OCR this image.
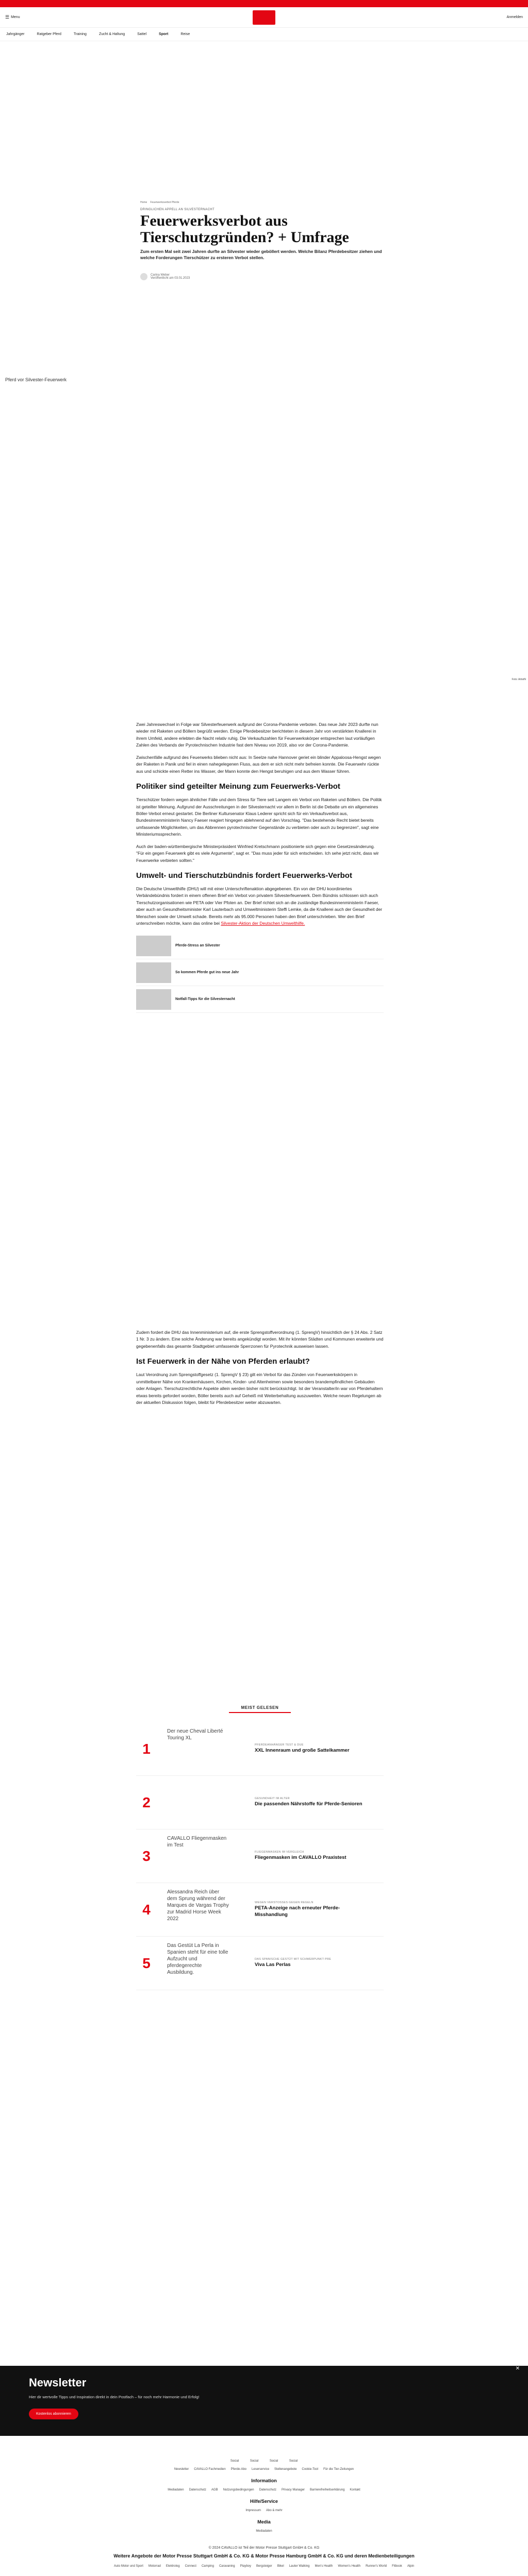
☰ Menu	Anmelden
Jahrgänger	Ratgeber Pferd	Training	Zucht & Haltung	Sattel	Sport	Reise
Home Feuerwerksverbot Pferde
DRINGLICHEN APPELL AN SILVESTERNACHT
Feuerwerksverbot aus Tierschutzgründen? + Umfrage
Zum ersten Mal seit zwei Jahren durfte an Silvester wieder geböllert werden. Welche Bilanz Pferdebesitzer ziehen und welche Forderungen Tierschützer zu ersteren Verbot stellen.
Carina Weber
Veröffentlicht am 03.01.2023
Pferd vor Silvester-Feuerwerk
Foto: ArtistN

Zwei Jahreswechsel in Folge war Silvesterfeuerwerk aufgrund der Corona-Pandemie verboten. Das neue Jahr 2023 durfte nun wieder mit Raketen und Böllern begrüßt werden. Einige Pferdebesitzer berichteten in diesem Jahr von verstärkten Knallerei in ihrem Umfeld, andere erlebten die Nacht relativ ruhig. Die Verkaufszahlen für Feuerwerkskörper entsprechen laut vorläufigen Zahlen des Verbands der Pyrotechnischen Industrie fast dem Niveau von 2019, also vor der Corona-Pandemie.

Zwischenfälle aufgrund des Feuerwerks blieben nicht aus: In Seelze nahe Hannover geriet ein blinder Appaloosa-Hengst wegen der Raketen in Panik und fiel in einen nahegelegenen Fluss, aus dem er sich nicht mehr befreien konnte. Die Feuerwehr rückte aus und schickte einen Retter ins Wasser, der Mann konnte den Hengst beruhigen und aus dem Wasser führen.

Politiker sind geteilter Meinung zum Feuerwerks-Verbot

Tierschützer fordern wegen ähnlicher Fälle und dem Stress für Tiere seit Langem ein Verbot von Raketen und Böllern. Die Politik ist geteilter Meinung. Aufgrund der Ausschreitungen in der Silvesternacht vor allem in Berlin ist die Debatte um ein allgemeines Böller-Verbot erneut gestartet. Die Berliner Kultursenator Klaus Lederer spricht sich für ein Verkaufsverbot aus, Bundesinnenministerin Nancy Faeser reagiert hingegen ablehnend auf den Vorschlag. "Das bestehende Recht bietet bereits umfassende Möglichkeiten, um das Abbrennen pyrotechnischer Gegenstände zu verbieten oder auch zu begrenzen", sagt eine Ministeriumssprecherin.

Auch der baden-württembergische Ministerpräsident Winfried Kretschmann positionierte sich gegen eine Gesetzesänderung. "Für ein gegen Feuerwerk gibt es viele Argumente", sagt er. "Das muss jeder für sich entscheiden. Ich sehe jetzt nicht, dass wir Feuerwerke verbieten sollten."

Umwelt- und Tierschutzbündnis fordert Feuerwerks-Verbot

Die Deutsche Umwelthilfe (DHU) will mit einer Unterschriftenaktion abgegebenen. Ein von der DHU koordiniertes Verbändebündnis fordert in einem offenen Brief ein Verbot von privatem Silvesterfeuerwerk. Dem Bündnis schlossen sich auch Tierschutzorganisationen wie PETA oder Vier Pfoten an. Der Brief richtet sich an die zuständige Bundesinnenministerin Faeser, aber auch an Gesundheitsminister Karl Lauterbach und Umweltministerin Steffi Lemke, da die Knallerei auch der Gesundheit der Menschen sowie der Umwelt schade. Bereits mehr als 95.000 Personen haben den Brief unterschrieben. Wer den Brief unterschreiben möchte, kann das online bei Silvester-Aktion der Deutschen Umwelthilfe.

Pferde-Stress an Silvester
So kommen Pferde gut ins neue Jahr
Notfall-Tipps für die Silvesternacht

Zudem fordert die DHU das Innenministerium auf, die erste Sprengstoffverordnung (1. SprengV) hinsichtlich der § 24 Abs. 2 Satz 1 Nr. 3 zu ändern. Eine solche Änderung war bereits angekündigt worden. Mit ihr könnten Städten und Kommunen erweiterte und gegebenenfalls das gesamte Stadtgebiet umfassende Sperrzonen für Pyrotechnik ausweisen lassen.

Ist Feuerwerk in der Nähe von Pferden erlaubt?

Laut Verordnung zum Sprengstoffgesetz (1. SprengV § 23) gilt ein Verbot für das Zünden von Feuerwerkskörpern in unmittelbarer Nähe von Krankenhäusern, Kirchen, Kinder- und Altenheimen sowie besonders brandempfindlichen Gebäuden oder Anlagen. Tierschutzrechtliche Aspekte allein werden bisher nicht berücksichtigt. Ist der Veranstalter/in war von Pferdehaltern etwas bereits gefordert worden, Böller bereits auch auf Geheiß mit Weiterbehaltung auszuweiten. Welche neuen Regelungen ab der aktuellen Diskussion folgen, bleibt für Pferdebesitzer weiter abzuwarten.

MEIST GELESEN
1
Der neue Cheval Liberté Touring XL
PFERDEANHÄNGER TEST & DUE
XXL Innenraum und große Sattelkammer
2	GESUNDHEIT IM ALTER
Die passenden Nährstoffe für Pferde-Senioren
3
CAVALLO Fliegenmasken im Test
FLIEGENMASKEN IM VERGLEICH
Fliegenmasken im CAVALLO Praxistest
4
Alessandra Reich über dem Sprung während der Marques de Vargas Trophy zur Madrid Horse Week 2022
WEGEN VERSTOSSES GEGEN REGELN
PETA-Anzeige nach erneuter Pferde-Misshandlung
5
Das Gestüt La Perla in Spanien steht für eine tolle Aufzucht und pferdegerechte Ausbildung.
DAS SPANISCHE GESTÜT MIT SCHWERPUNKT PRE
Viva Las Perlas
✕
Newsletter
Hier dir wertvolle Tipps und Inspiration direkt in dein Postfach – für noch mehr Harmonie und Erfolg!
Kostenlos abonnieren
Social	Social	Social	Social
Newsletter CAVALLO Fachmedien Pferde-Abo Leserservice Stellenangebote Cookie-Tool Für die Tier-Zeitungen
Information
Mediadaten Datenschutz AGB Nutzungsbedingungen Datenschutz Privacy Manager Barrierefreiheitserklärung Kontakt
Hilfe/Service
Impressum Abo & mehr
Media
Mediadaten
© 2024 CAVALLO ist Teil der Motor Presse Stuttgart GmbH & Co. KG
Weitere Angebote der Motor Presse Stuttgart GmbH & Co. KG & Motor Presse Hamburg GmbH & Co. KG und deren Medienbeteiligungen
Auto Motor und Sport Motorrad Elektrolog Connect Camping Caravaning Playboy Bergsteiger Bikel Lauter Walking Men's Health Women's Health Runner's World Fitbook Alpin
